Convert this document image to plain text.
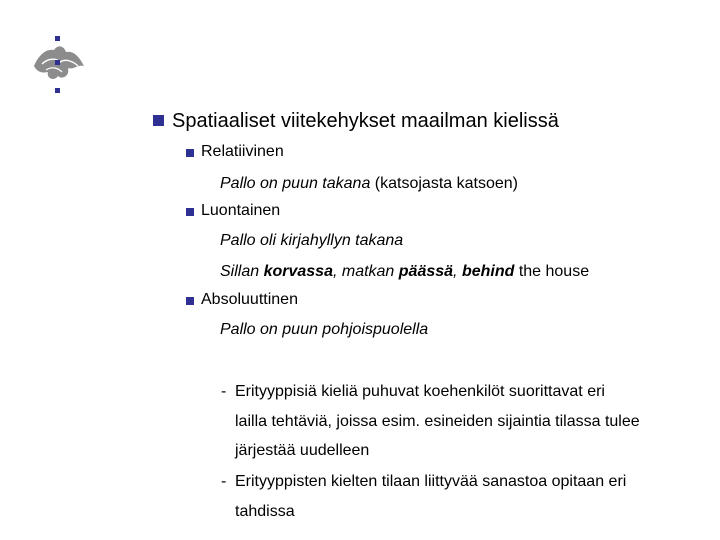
Spatiaaliset viitekehykset maailman kielissä
Relatiivinen
Pallo on puun takana (katsojasta katsoen)
Luontainen
Pallo oli kirjahyllyn takana
Sillan korvassa, matkan päässä, behind the house
Absoluuttinen
Pallo on puun pohjoispuolella
- Erityyppisiä kieliä puhuvat koehenkilöt suorittavat eri
lailla tehtäviä, joissa esim. esineiden sijaintia tilassa tulee
järjestää uudelleen
- Erityyppisten kielten tilaan liittyvää sanastoa opitaan eri
tahdissa
